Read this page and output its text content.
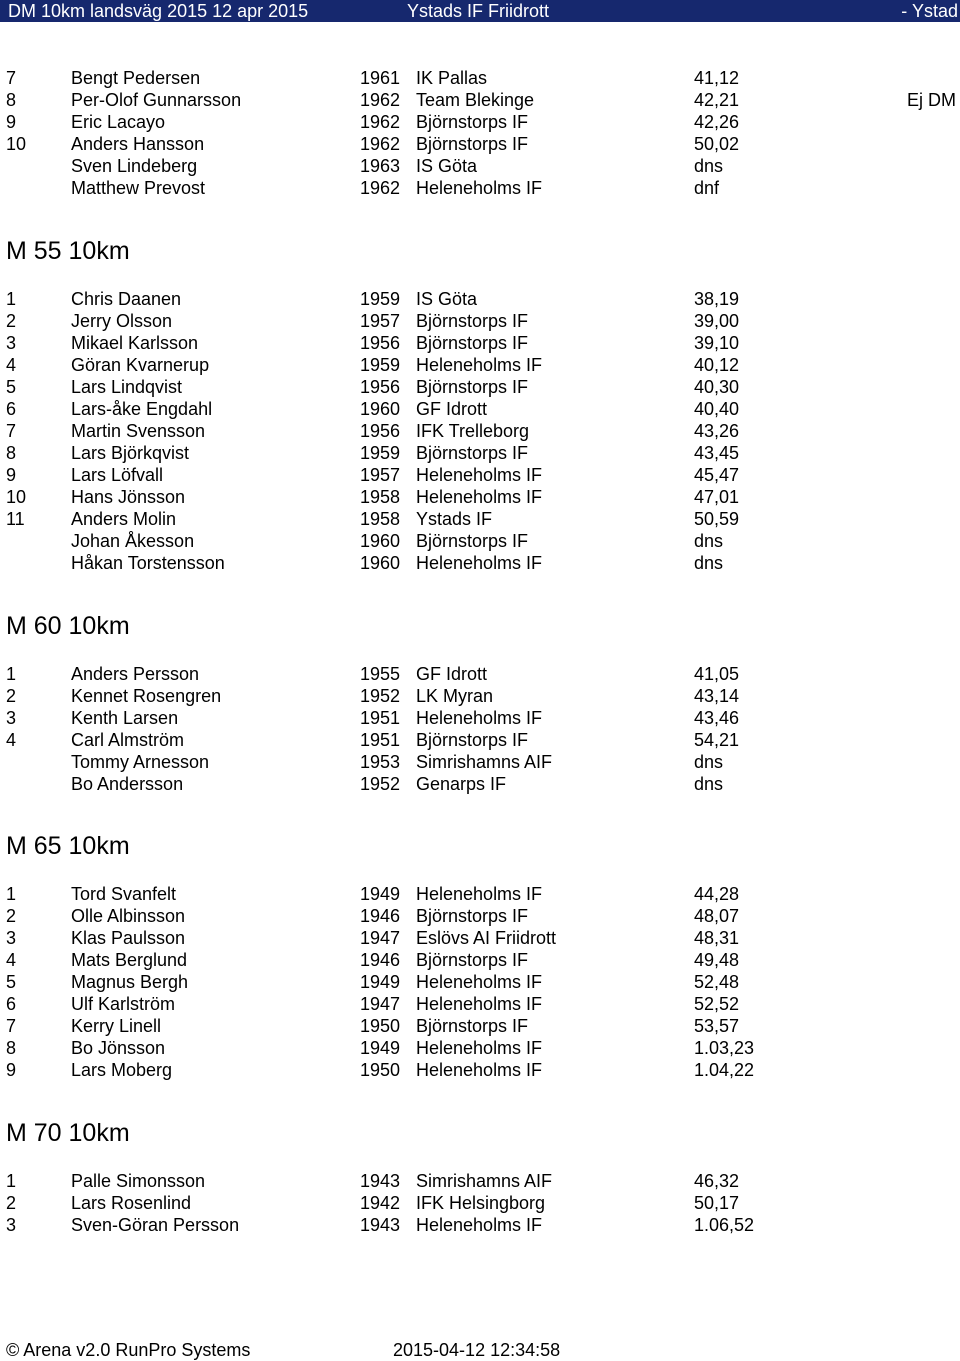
DM 10km landsväg 2015 12 apr 2015	Ystads IF Friidrott	- Ystad
7	Bengt Pedersen	1961 IK Pallas	41,12
8	Per-Olof Gunnarsson	1962 Team Blekinge	42,21	Ej DM
9	Eric Lacayo	1962 Björnstorps IF	42,26
10 Anders Hansson	1962 Björnstorps IF	50,02
Sven Lindeberg	1963 IS Göta	dns
Matthew Prevost	1962 Heleneholms IF	dnf
M 55 10km
1	Chris Daanen	1959 IS Göta	38,19
2	Jerry Olsson	1957 Björnstorps IF	39,00
3	Mikael Karlsson	1956 Björnstorps IF	39,10
4	Göran Kvarnerup	1959 Heleneholms IF	40,12
5	Lars Lindqvist	1956 Björnstorps IF	40,30
6	Lars-åke Engdahl	1960 GF Idrott	40,40
7	Martin Svensson	1956 IFK Trelleborg	43,26
8	Lars Björkqvist	1959 Björnstorps IF	43,45
9	Lars Löfvall	1957 Heleneholms IF	45,47
10 Hans Jönsson	1958 Heleneholms IF	47,01
11	Anders Molin	1958 Ystads IF	50,59
Johan Åkesson	1960 Björnstorps IF	dns
Håkan Torstensson	1960 Heleneholms IF	dns
M 60 10km
1	Anders Persson	1955 GF Idrott	41,05
2	Kennet Rosengren	1952 LK Myran	43,14
3	Kenth Larsen	1951 Heleneholms IF	43,46
4	Carl Almström	1951 Björnstorps IF	54,21
Tommy Arnesson	1953 Simrishamns AIF	dns
Bo Andersson	1952 Genarps IF	dns
M 65 10km
1	Tord Svanfelt	1949 Heleneholms IF	44,28
2	Olle Albinsson	1946 Björnstorps IF	48,07
3	Klas Paulsson	1947 Eslövs AI Friidrott	48,31
4	Mats Berglund	1946 Björnstorps IF	49,48
5	Magnus Bergh	1949 Heleneholms IF	52,48
6	Ulf Karlström	1947 Heleneholms IF	52,52
7	Kerry Linell	1950 Björnstorps IF	53,57
8	Bo Jönsson	1949 Heleneholms IF	1.03,23
9	Lars Moberg	1950 Heleneholms IF	1.04,22
M 70 10km
1	Palle Simonsson	1943 Simrishamns AIF	46,32
2	Lars Rosenlind	1942 IFK Helsingborg	50,17
3	Sven-Göran Persson	1943 Heleneholms IF	1.06,52
© Arena v2.0 RunPro Systems	2015-04-12 12:34:58
